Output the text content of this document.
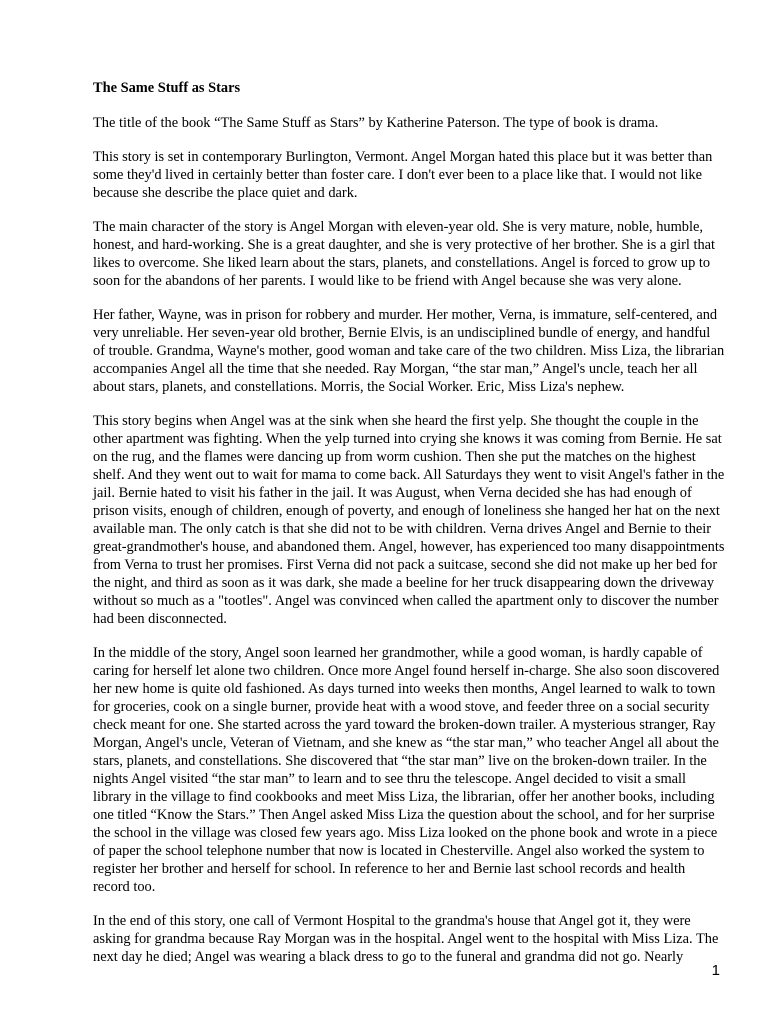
The Same Stuff as Stars

The title of the book “The Same Stuff as Stars” by Katherine Paterson. The type of book is drama.

This story is set in contemporary Burlington, Vermont. Angel Morgan hated this place but it was better than some they'd lived in certainly better than foster care. I don't ever been to a place like that. I would not like because she describe the place quiet and dark.

The main character of the story is Angel Morgan with eleven-year old. She is very mature, noble, humble, honest, and hard-working. She is a great daughter, and she is very protective of her brother. She is a girl that likes to overcome. She liked learn about the stars, planets, and constellations. Angel is forced to grow up to soon for the abandons of her parents. I would like to be friend with Angel because she was very alone.

Her father, Wayne, was in prison for robbery and murder. Her mother, Verna, is immature, self-centered, and very unreliable. Her seven-year old brother, Bernie Elvis, is an undisciplined bundle of energy, and handful of trouble. Grandma, Wayne's mother, good woman and take care of the two children. Miss Liza, the librarian accompanies Angel all the time that she needed. Ray Morgan, “the star man,” Angel's uncle, teach her all about stars, planets, and constellations. Morris, the Social Worker. Eric, Miss Liza's nephew.

This story begins when Angel was at the sink when she heard the first yelp. She thought the couple in the other apartment was fighting. When the yelp turned into crying she knows it was coming from Bernie. He sat on the rug, and the flames were dancing up from worm cushion. Then she put the matches on the highest shelf. And they went out to wait for mama to come back. All Saturdays they went to visit Angel's father in the jail. Bernie hated to visit his father in the jail. It was August, when Verna decided she has had enough of prison visits, enough of children, enough of poverty, and enough of loneliness she hanged her hat on the next available man. The only catch is that she did not to be with children. Verna drives Angel and Bernie to their great-grandmother's house, and abandoned them. Angel, however, has experienced too many disappointments from Verna to trust her promises. First Verna did not pack a suitcase, second she did not make up her bed for the night, and third as soon as it was dark, she made a beeline for her truck disappearing down the driveway without so much as a "tootles". Angel was convinced when called the apartment only to discover the number had been disconnected.

In the middle of the story, Angel soon learned her grandmother, while a good woman, is hardly capable of caring for herself let alone two children. Once more Angel found herself in-charge. She also soon discovered her new home is quite old fashioned. As days turned into weeks then months, Angel learned to walk to town for groceries, cook on a single burner, provide heat with a wood stove, and feeder three on a social security check meant for one. She started across the yard toward the broken-down trailer. A mysterious stranger, Ray Morgan, Angel's uncle, Veteran of Vietnam, and she knew as “the star man,” who teacher Angel all about the stars, planets, and constellations. She discovered that “the star man” live on the broken-down trailer. In the nights Angel visited “the star man” to learn and to see thru the telescope. Angel decided to visit a small library in the village to find cookbooks and meet Miss Liza, the librarian, offer her another books, including one titled “Know the Stars.” Then Angel asked Miss Liza the question about the school, and for her surprise the school in the village was closed few years ago. Miss Liza looked on the phone book and wrote in a piece of paper the school telephone number that now is located in Chesterville. Angel also worked the system to register her brother and herself for school. In reference to her and Bernie last school records and health record too.

In the end of this story, one call of Vermont Hospital to the grandma's house that Angel got it, they were asking for grandma because Ray Morgan was in the hospital. Angel went to the hospital with Miss Liza. The next day he died; Angel was wearing a black dress to go to the funeral and grandma did not go. Nearly

1
